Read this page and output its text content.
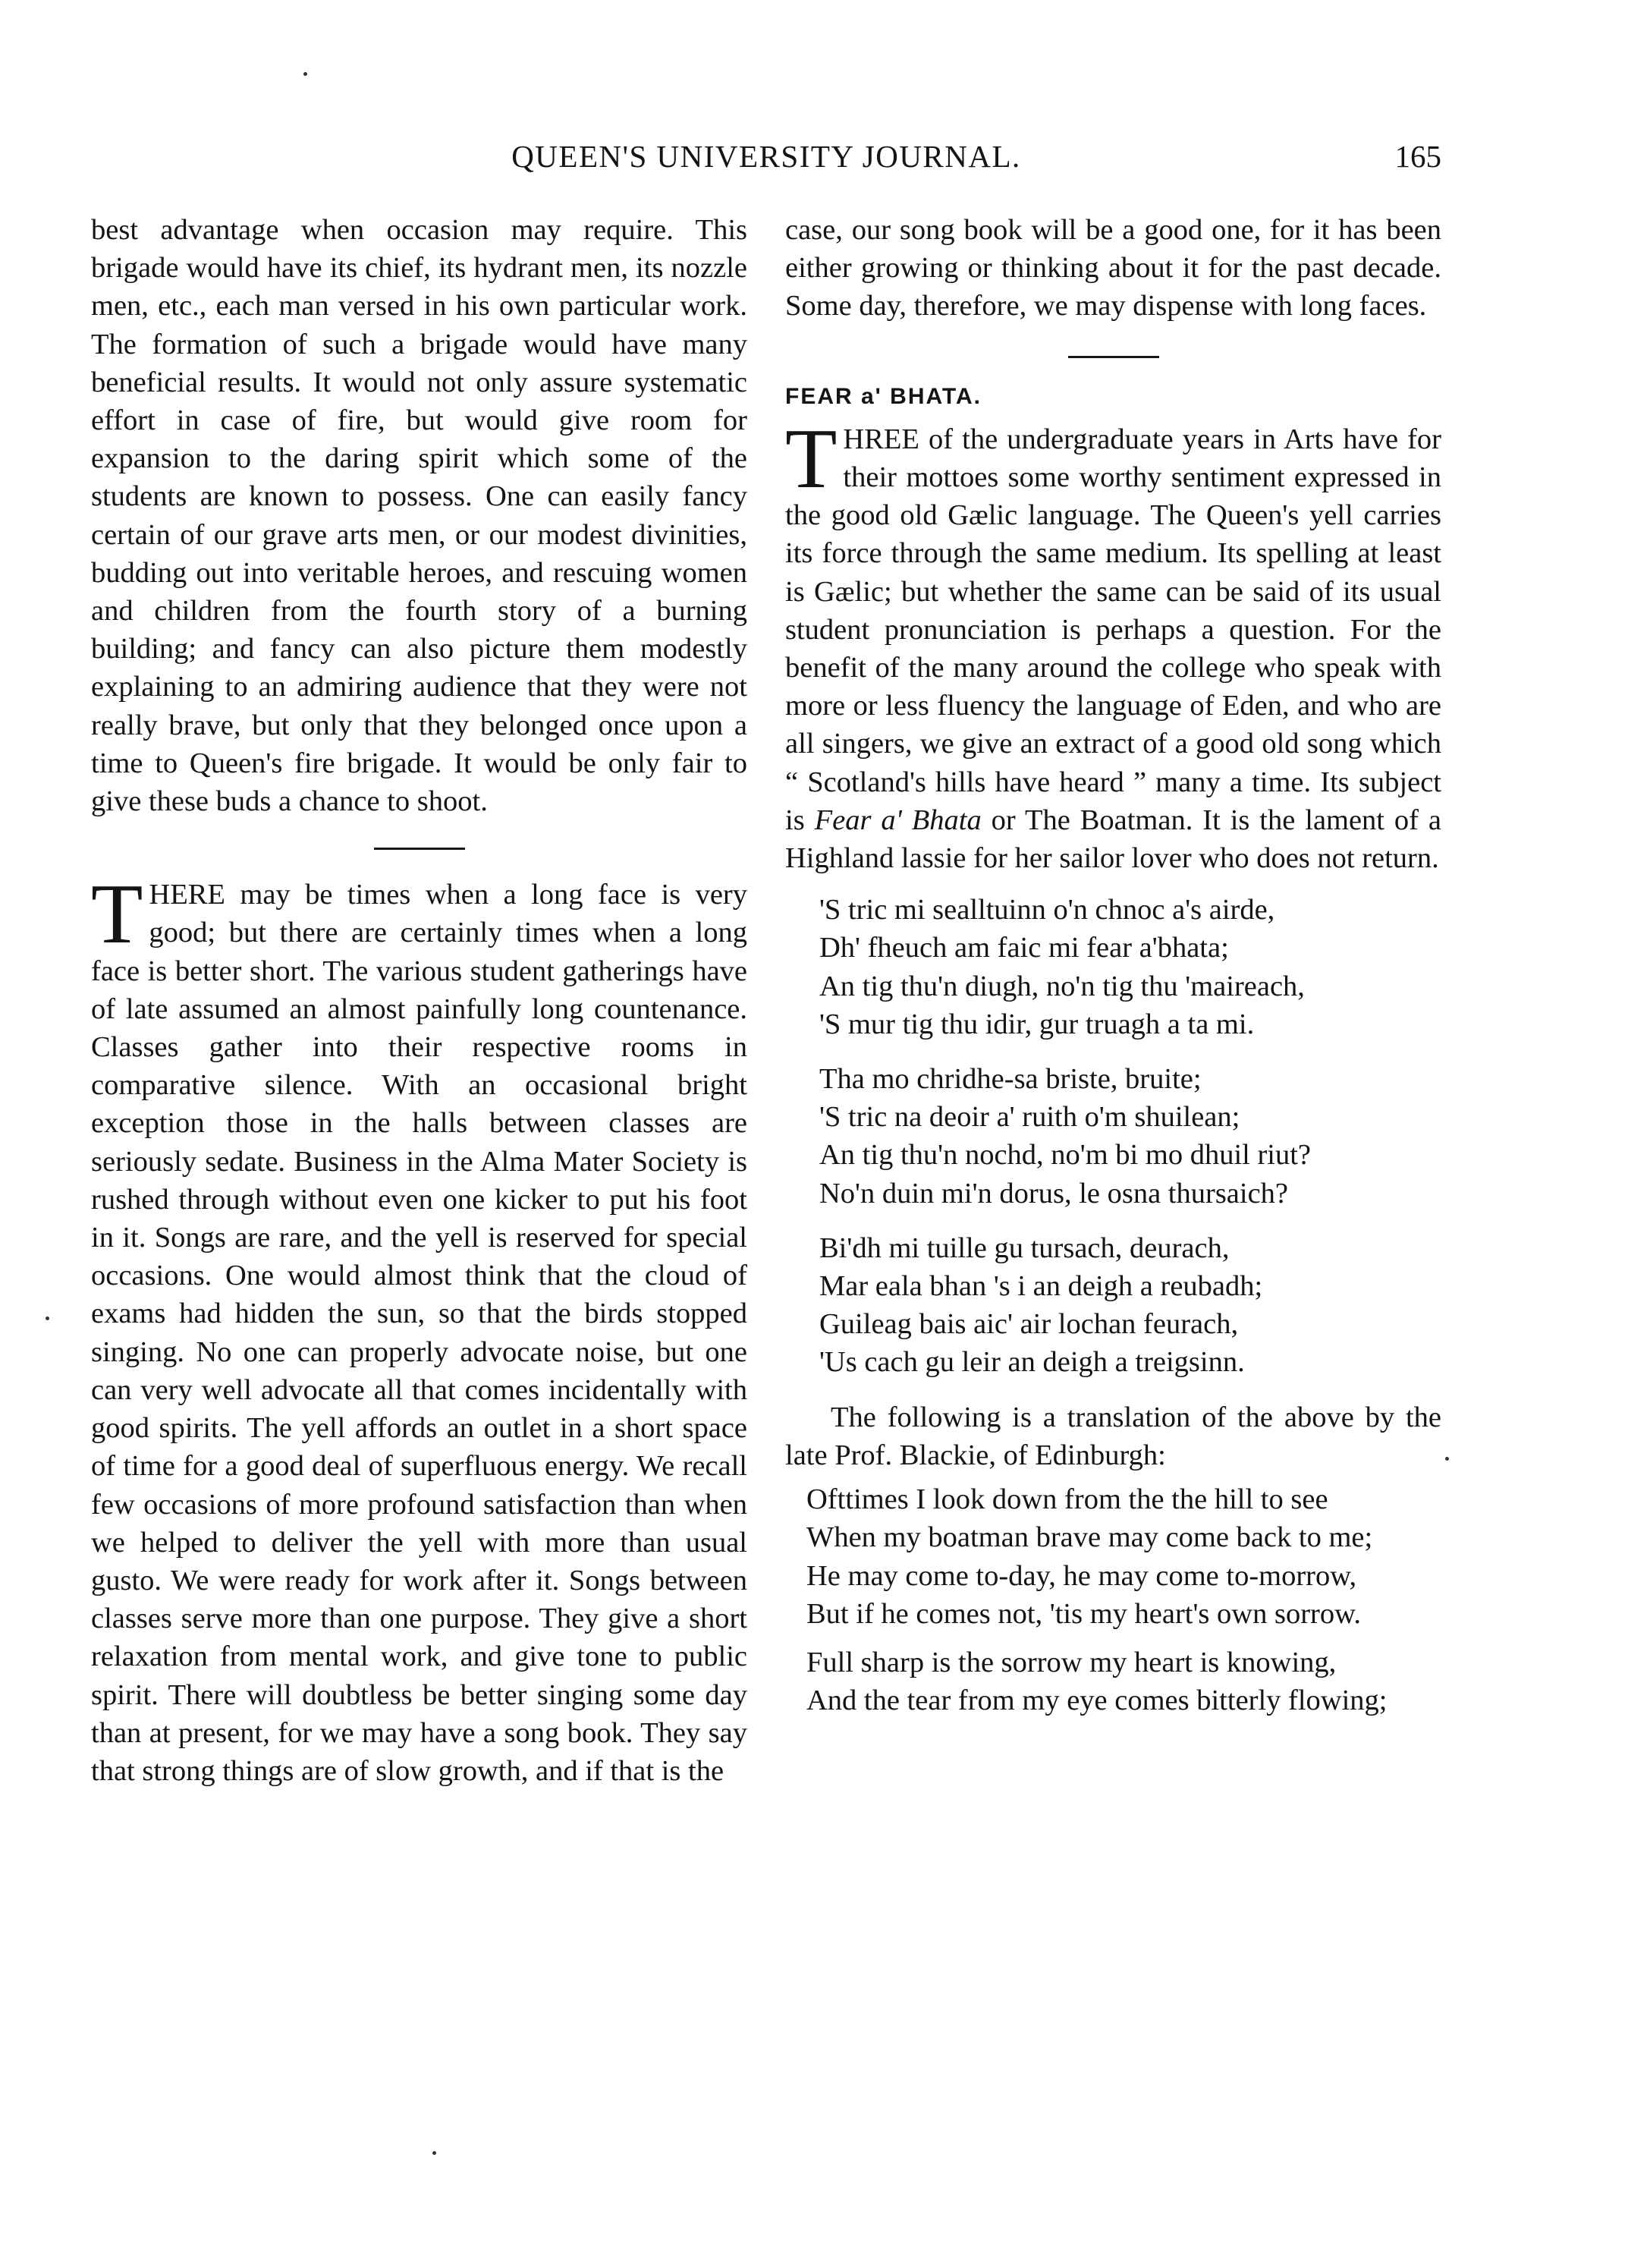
QUEEN'S UNIVERSITY JOURNAL.	165

best advantage when occasion may require. This brigade would have its chief, its hydrant men, its nozzle men, etc., each man versed in his own particular work. The formation of such a brigade would have many beneficial results. It would not only assure systematic effort in case of fire, but would give room for expansion to the daring spirit which some of the students are known to possess. One can easily fancy certain of our grave arts men, or our modest divinities, budding out into veritable heroes, and rescuing women and children from the fourth story of a burning building; and fancy can also picture them modestly explaining to an admiring audience that they were not really brave, but only that they belonged once upon a time to Queen's fire brigade. It would be only fair to give these buds a chance to shoot.

THERE may be times when a long face is very good; but there are certainly times when a long face is better short. The various student gatherings have of late assumed an almost painfully long countenance. Classes gather into their respective rooms in comparative silence. With an occasional bright exception those in the halls between classes are seriously sedate. Business in the Alma Mater Society is rushed through without even one kicker to put his foot in it. Songs are rare, and the yell is reserved for special occasions. One would almost think that the cloud of exams had hidden the sun, so that the birds stopped singing. No one can properly advocate noise, but one can very well advocate all that comes incidentally with good spirits. The yell affords an outlet in a short space of time for a good deal of superfluous energy. We recall few occasions of more profound satisfaction than when we helped to deliver the yell with more than usual gusto. We were ready for work after it. Songs between classes serve more than one purpose. They give a short relaxation from mental work, and give tone to public spirit. There will doubtless be better singing some day than at present, for we may have a song book. They say that strong things are of slow growth, and if that is the

case, our song book will be a good one, for it has been either growing or thinking about it for the past decade. Some day, therefore, we may dispense with long faces.

FEAR a' BHATA.

THREE of the undergraduate years in Arts have for their mottoes some worthy sentiment expressed in the good old Gælic language. The Queen's yell carries its force through the same medium. Its spelling at least is Gælic; but whether the same can be said of its usual student pronunciation is perhaps a question. For the benefit of the many around the college who speak with more or less fluency the language of Eden, and who are all singers, we give an extract of a good old song which “ Scotland's hills have heard ” many a time. Its subject is Fear a' Bhata or The Boatman. It is the lament of a Highland lassie for her sailor lover who does not return.

'S tric mi sealltuinn o'n chnoc a's airde,
Dh' fheuch am faic mi fear a'bhata;
An tig thu'n diugh, no'n tig thu 'maireach,
'S mur tig thu idir, gur truagh a ta mi.
Tha mo chridhe-sa briste, bruite;
'S tric na deoir a' ruith o'm shuilean;
An tig thu'n nochd, no'm bi mo dhuil riut?
No'n duin mi'n dorus, le osna thursaich?
Bi'dh mi tuille gu tursach, deurach,
Mar eala bhan 's i an deigh a reubadh;
Guileag bais aic' air lochan feurach,
'Us cach gu leir an deigh a treigsinn.

The following is a translation of the above by the late Prof. Blackie, of Edinburgh:

Ofttimes I look down from the the hill to see
When my boatman brave may come back to me;
He may come to-day, he may come to-morrow,
But if he comes not, 'tis my heart's own sorrow.
Full sharp is the sorrow my heart is knowing,
And the tear from my eye comes bitterly flowing;
